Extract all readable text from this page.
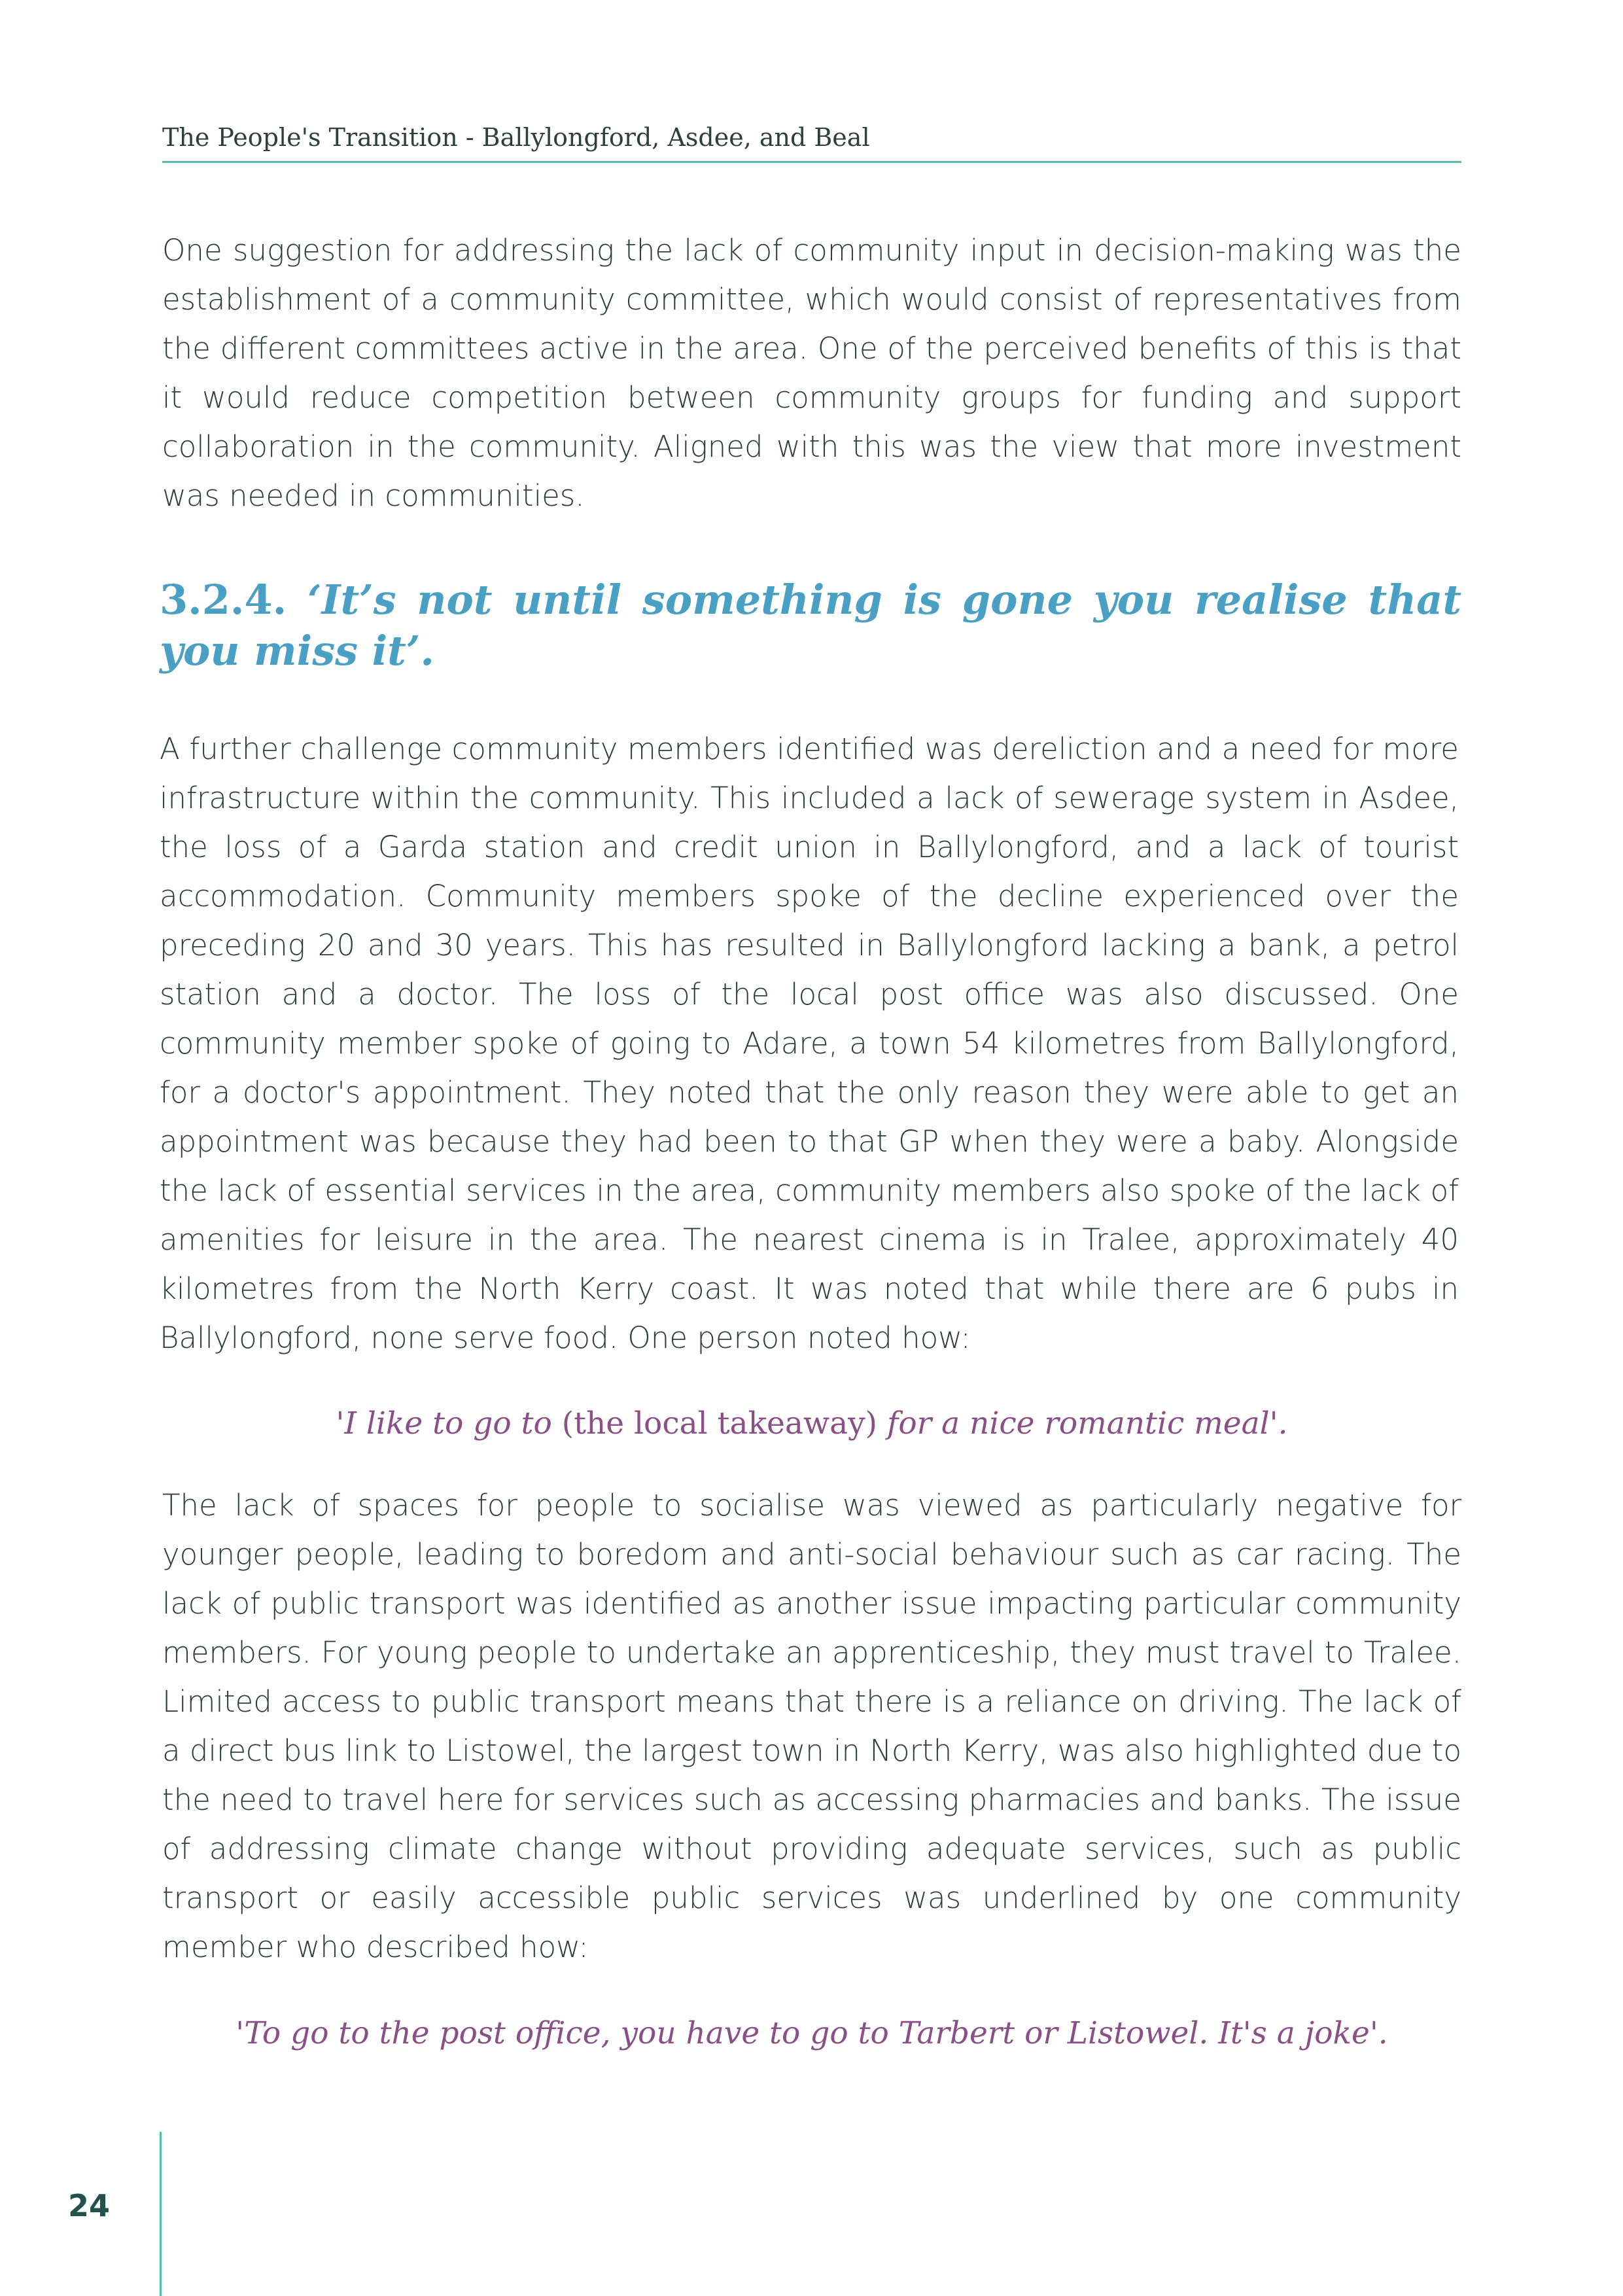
The People's Transition - Ballylongford, Asdee, and Beal

One suggestion for addressing the lack of community input in decision-making was the establishment of a community committee, which would consist of representatives from the different committees active in the area. One of the perceived benefits of this is that it would reduce competition between community groups for funding and support collaboration in the community. Aligned with this was the view that more investment was needed in communities.

3.2.4. ‘It’s not until something is gone you realise that you miss it’.

A further challenge community members identified was dereliction and a need for more infrastructure within the community. This included a lack of sewerage system in Asdee, the loss of a Garda station and credit union in Ballylongford, and a lack of tourist accommodation. Community members spoke of the decline experienced over the preceding 20 and 30 years. This has resulted in Ballylongford lacking a bank, a petrol station and a doctor. The loss of the local post office was also discussed. One community member spoke of going to Adare, a town 54 kilometres from Ballylongford, for a doctor's appointment. They noted that the only reason they were able to get an appointment was because they had been to that GP when they were a baby. Alongside the lack of essential services in the area, community members also spoke of the lack of amenities for leisure in the area. The nearest cinema is in Tralee, approximately 40 kilometres from the North Kerry coast. It was noted that while there are 6 pubs in Ballylongford, none serve food. One person noted how:

'I like to go to (the local takeaway) for a nice romantic meal'.

The lack of spaces for people to socialise was viewed as particularly negative for younger people, leading to boredom and anti-social behaviour such as car racing. The lack of public transport was identified as another issue impacting particular community members. For young people to undertake an apprenticeship, they must travel to Tralee. Limited access to public transport means that there is a reliance on driving. The lack of a direct bus link to Listowel, the largest town in North Kerry, was also highlighted due to the need to travel here for services such as accessing pharmacies and banks. The issue of addressing climate change without providing adequate services, such as public transport or easily accessible public services was underlined by one community member who described how:

'To go to the post office, you have to go to Tarbert or Listowel. It's a joke'.
24
